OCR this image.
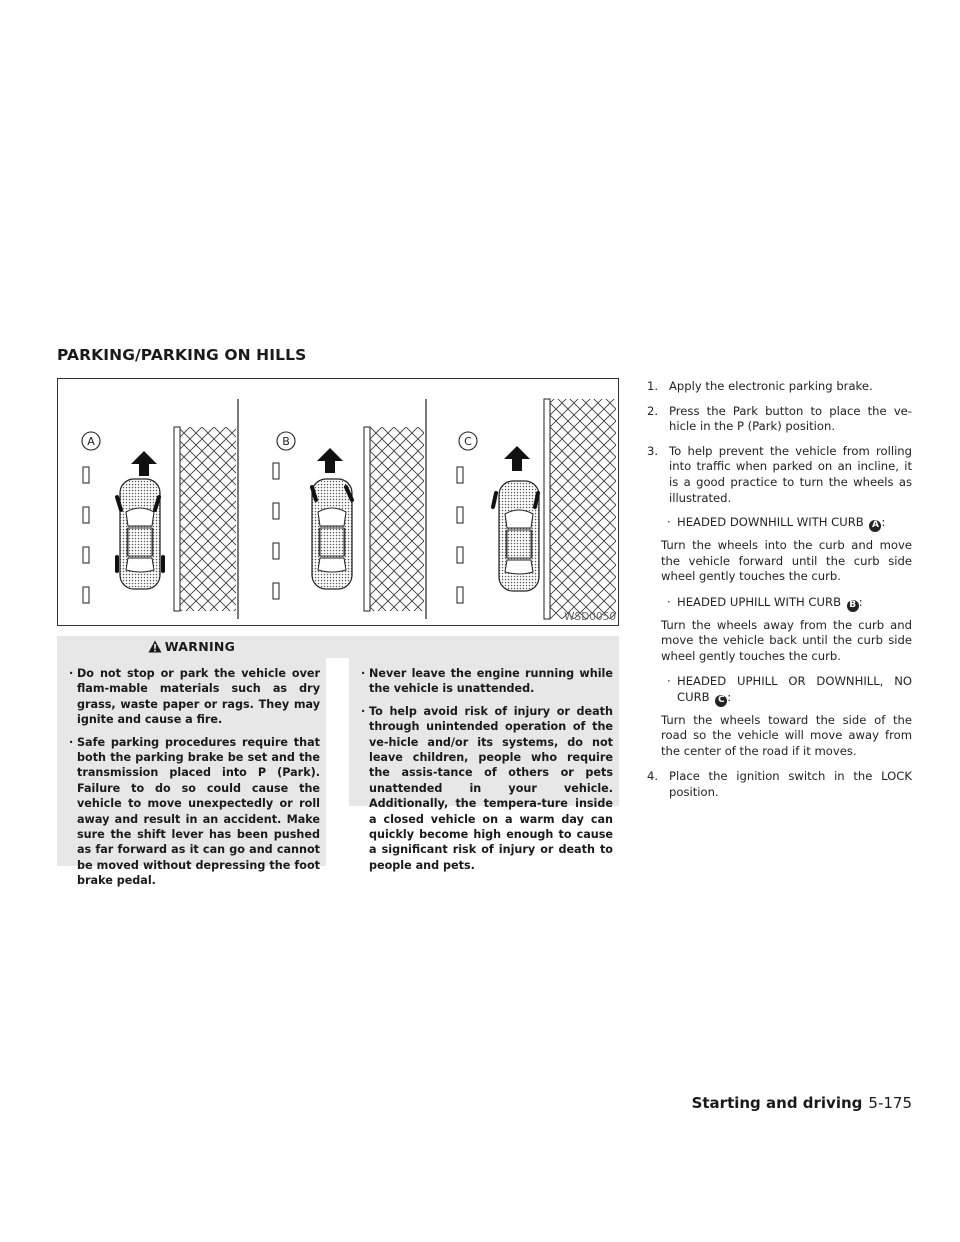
PARKING/PARKING ON HILLS
A	B	C
WSD0050
WARNING
· Do not stop or park the vehicle over flam-mable materials such as dry grass, waste paper or rags. They may ignite and cause a fire.
· Safe parking procedures require that both the parking brake be set and the transmission placed into P (Park). Failure to do so could cause the vehicle to move unexpectedly or roll away and result in an accident. Make sure the shift lever has been pushed as far forward as it can go and cannot be moved without depressing the foot brake pedal.
· Never leave the engine running while the vehicle is unattended.
· To help avoid risk of injury or death through unintended operation of the ve-hicle and/or its systems, do not leave children, people who require the assis-tance of others or pets unattended in your vehicle. Additionally, the tempera-ture inside a closed vehicle on a warm day can quickly become high enough to cause a significant risk of injury or death to people and pets.
1. Apply the electronic parking brake.
2. Press the Park button to place the ve-hicle in the P (Park) position.
3. To help prevent the vehicle from rolling into traffic when parked on an incline, it is a good practice to turn the wheels as illustrated.
· HEADED DOWNHILL WITH CURB A :
Turn the wheels into the curb and move the vehicle forward until the curb side wheel gently touches the curb.
· HEADED UPHILL WITH CURB B :
Turn the wheels away from the curb and move the vehicle back until the curb side wheel gently touches the curb.
· HEADED UPHILL OR DOWNHILL, NO CURB C :
Turn the wheels toward the side of the road so the vehicle will move away from the center of the road if it moves.
4. Place the ignition switch in the LOCK position.
Starting and driving 5-175
